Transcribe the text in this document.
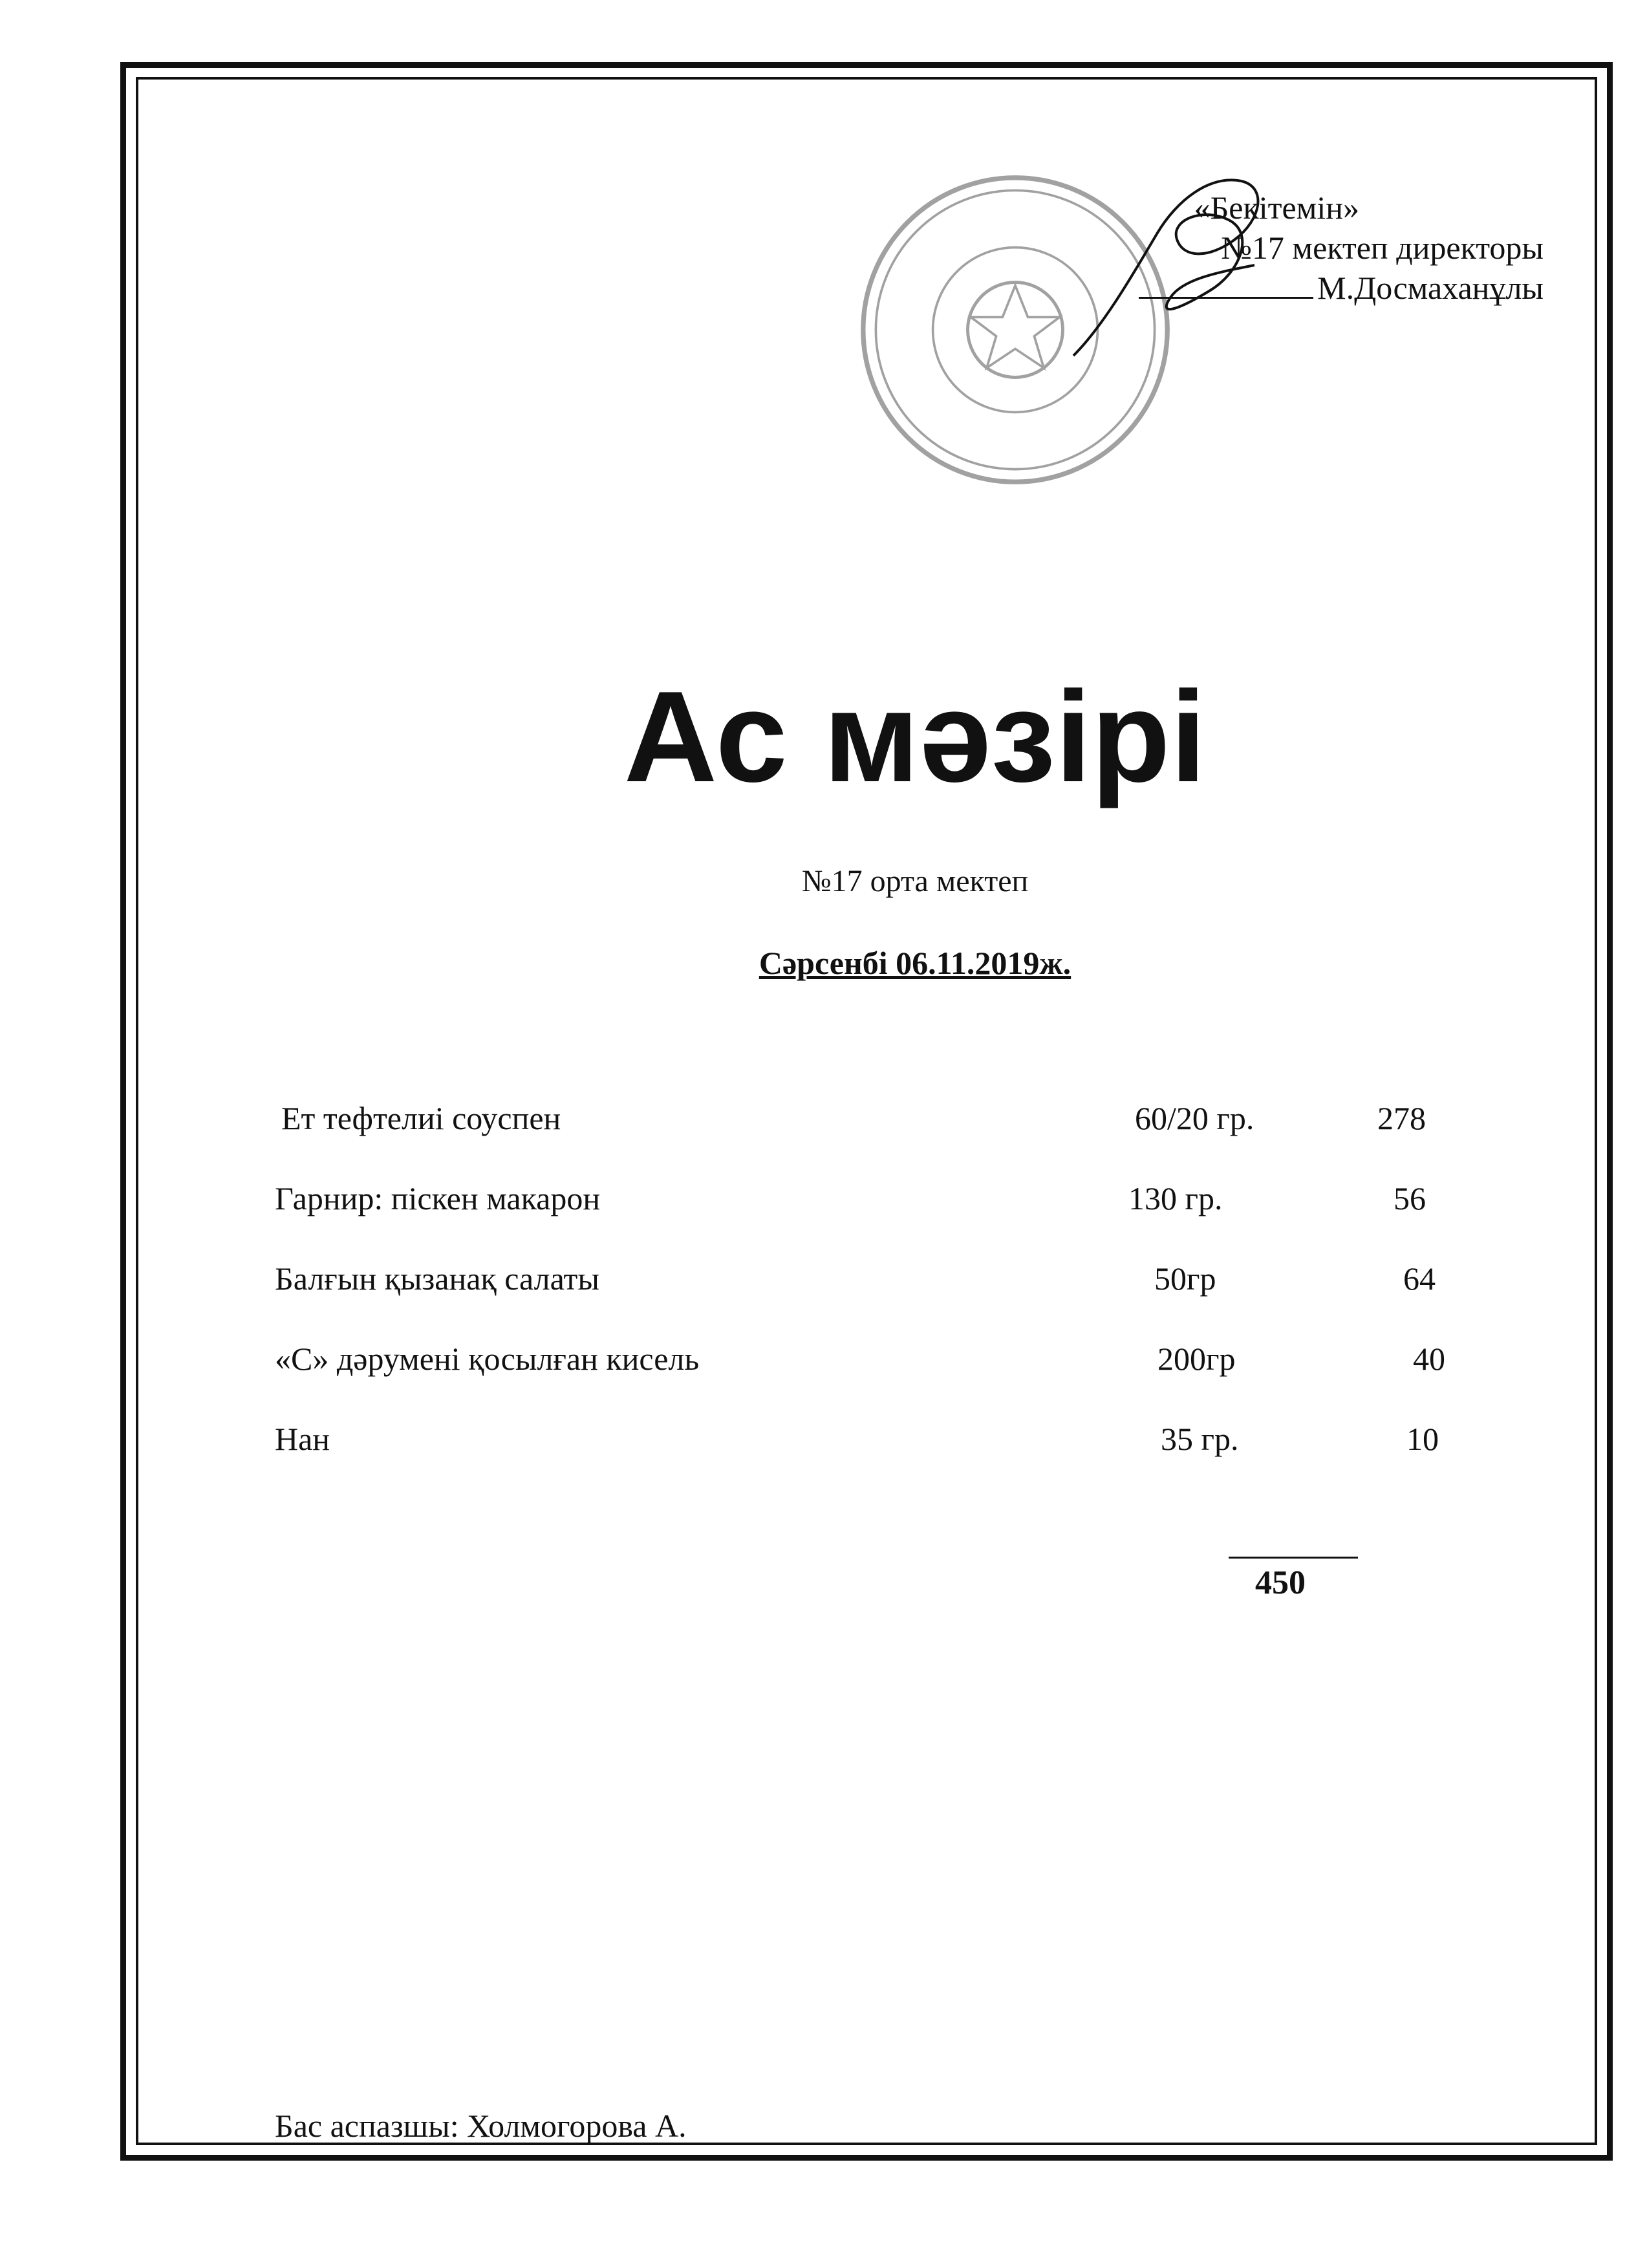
«Бекітемін»
№17 мектеп директоры
М.Досмаханұлы
Ас мәзірі
№17 орта мектеп
Сәрсенбі 06.11.2019ж.
Ет тефтелиі соуспен	60/20 гр.	278
Гарнир: піскен макарон	130 гр.	56
Балғын қызанақ салаты	50гр	64
«С» дәрумені қосылған кисель	200гр	40
Нан	35 гр.	10
450
Бас аспазшы: Холмогорова А.
